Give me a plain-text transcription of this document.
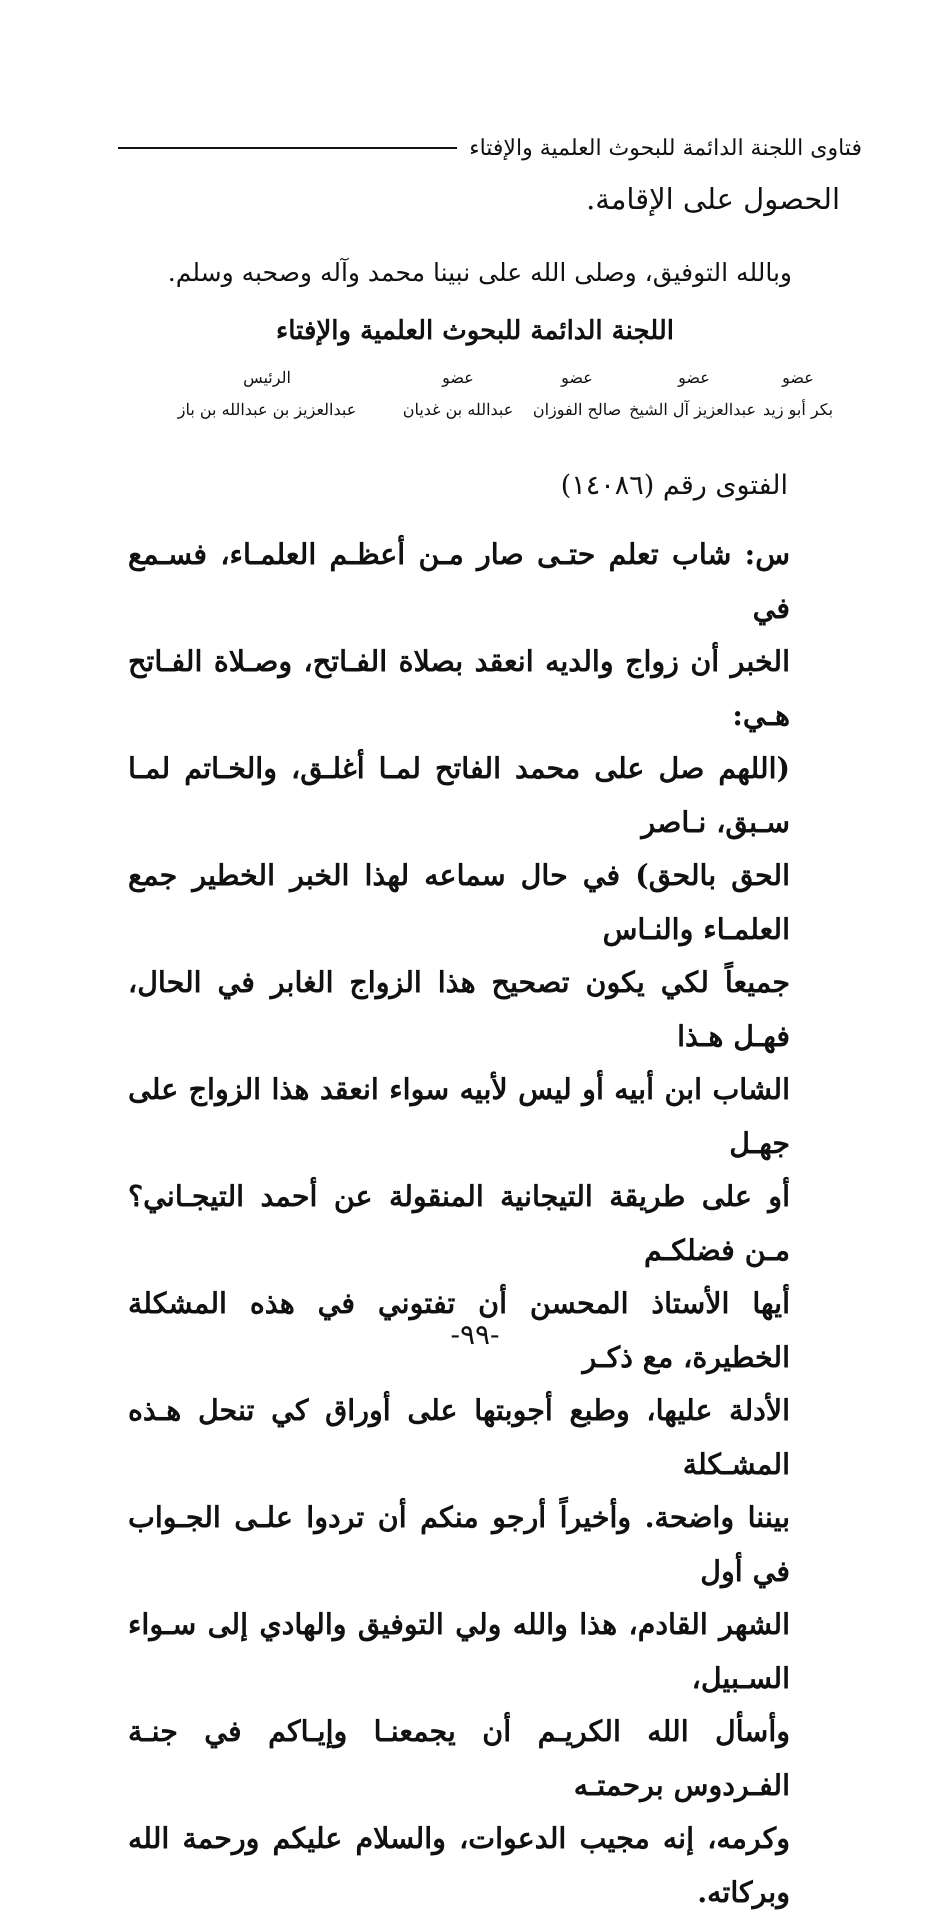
فتاوى اللجنة الدائمة للبحوث العلمية والإفتاء
الحصول على الإقامة.
وبالله التوفيق، وصلى الله على نبينا محمد وآله وصحبه وسلم.
اللجنة الدائمة للبحوث العلمية والإفتاء
عضو
عضو
عضو
عضو
الرئيس
بكر أبو زيد
عبدالعزيز آل الشيخ
صالح الفوزان
عبدالله بن غديان
عبدالعزيز بن عبدالله بن باز
الفتوى رقم (١٤٠٨٦)
س: شاب تعلم حتـى صار مـن أعظـم العلمـاء، فسـمع في
الخبر أن زواج والديه انعقد بصلاة الفـاتح، وصـلاة الفـاتح هـي:
(اللهم صل على محمد الفاتح لمـا أغلـق، والخـاتم لمـا سـبق، نـاصر
الحق بالحق) في حال سماعه لهذا الخبر الخطير جمع العلمـاء والنـاس
جميعاً لكي يكون تصحيح هذا الزواج الغابر في الحال، فهـل هـذا
الشاب ابن أبيه أو ليس لأبيه سواء انعقد هذا الزواج على جهـل
أو على طريقة التيجانية المنقولة عن أحمد التيجـاني؟ مـن فضلكـم
أيها الأستاذ المحسن أن تفتوني في هذه المشكلة الخطيرة، مع ذكـر
الأدلة عليها، وطبع أجوبتها على أوراق كي تنحل هـذه المشـكلة
بيننا واضحة. وأخيراً أرجو منكم أن تردوا علـى الجـواب في أول
الشهر القادم، هذا والله ولي التوفيق والهادي إلى سـواء السـبيل،
وأسأل الله الكريـم أن يجمعنـا وإيـاكم في جنـة الفـردوس برحمتـه
وكرمه، إنه مجيب الدعوات، والسلام عليكم ورحمة الله وبركاته.
-٩٩-
